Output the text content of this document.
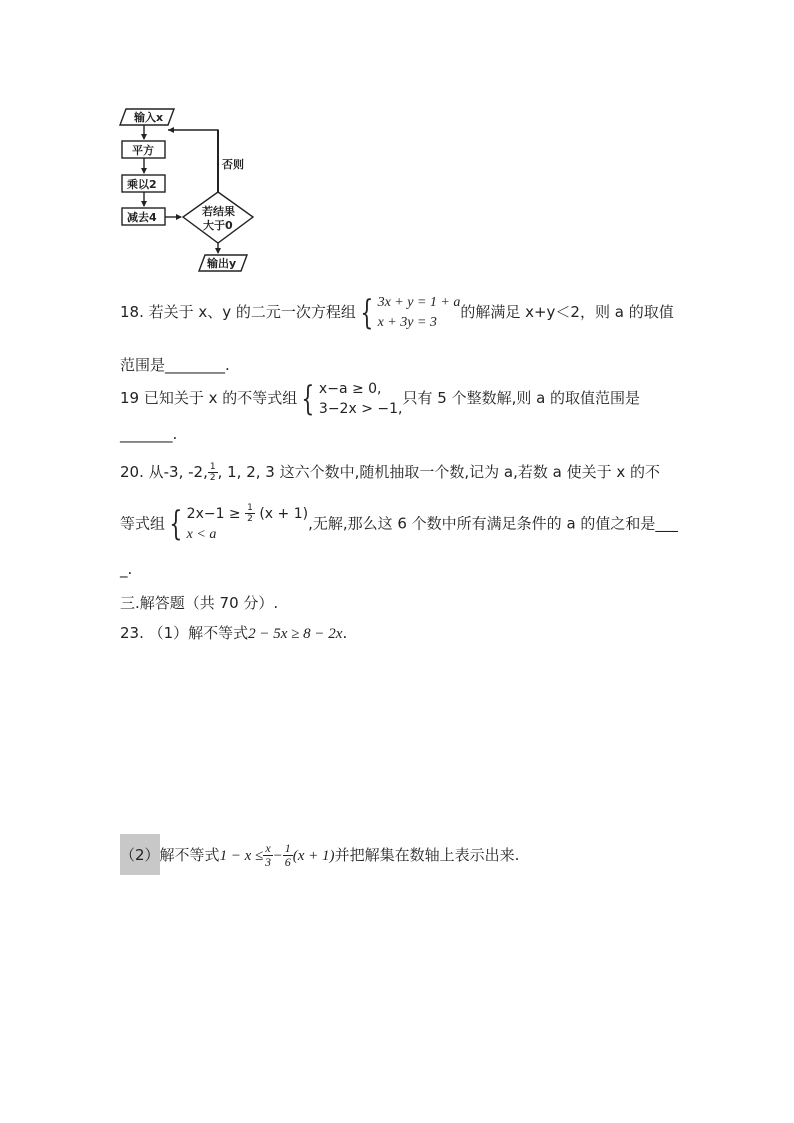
输入x
平方
乘以2
减去4	若结果
大于0
否则
输出y
18. 若关于 x、y 的二元一次方程组 { 3x + y = 1 + a
x + 3y = 3的解满足 x+y＜2，则 a 的取值
范围是________.
19 已知关于 x 的不等式组 { x−a ≥ 0,
3−2x > −1,只有 5 个整数解,则 a 的取值范围是
_______.
20. 从-3, -2, $\frac{1}{2}$ , 1, 2, 3 这六个数中,随机抽取一个数,记为 a,若数 a 使关于 x 的不
等式组 { $2x-1 \ge \frac{1}{2} (x + 1)$
x < a,无解,那么这 6 个数中所有满足条件的 a 的值之和是___
_.
三.解答题（共 70 分）.
23. （1）解不等式2 − 5x ≥ 8 − 2x.
（2）解不等式$1 - x \le \frac{x}{3} - \frac{1}{6} (x + 1)$并把解集在数轴上表示出来.
